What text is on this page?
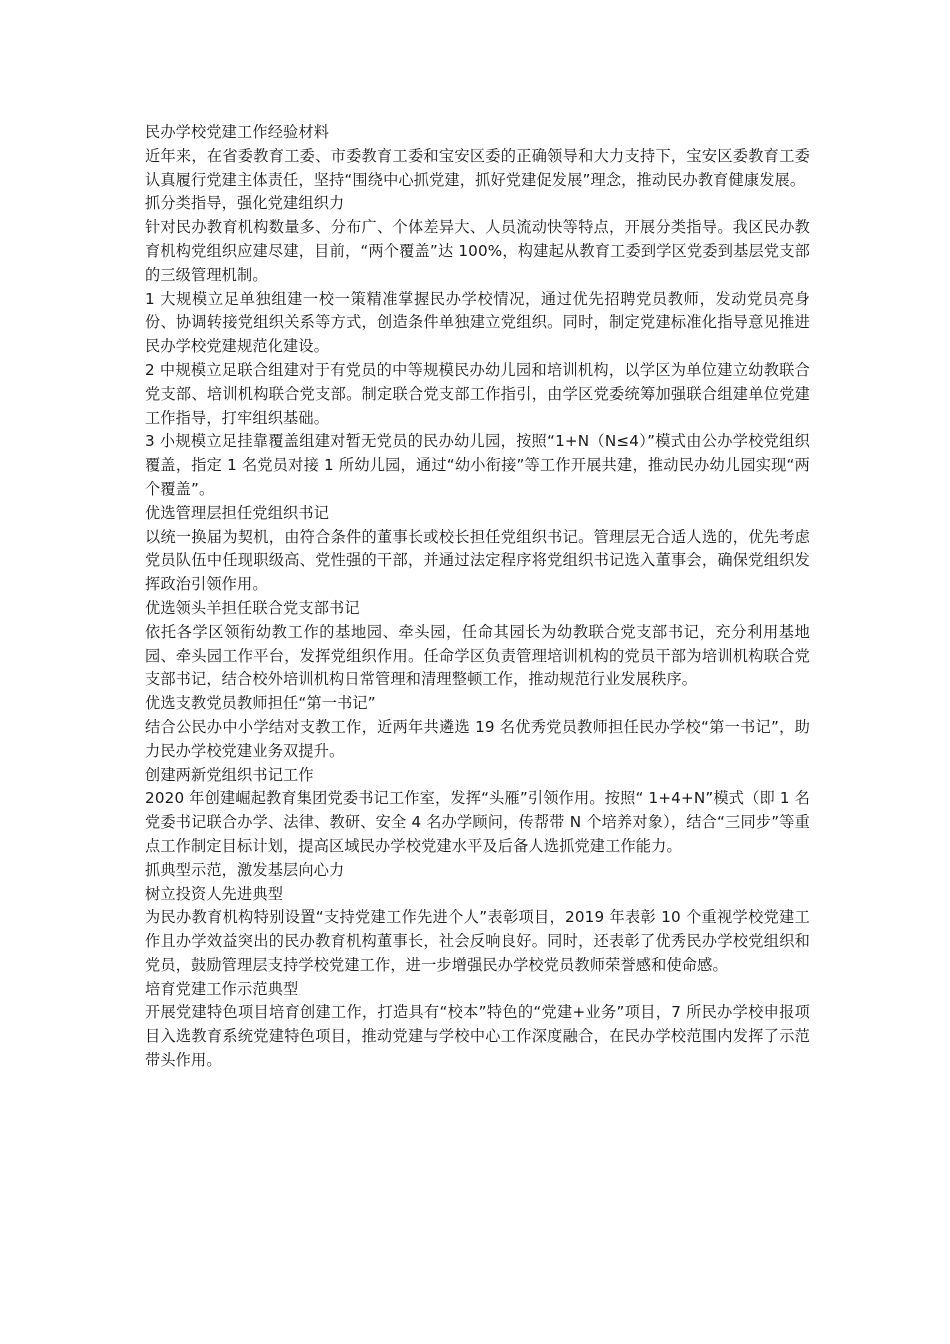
民办学校党建工作经验材料

近年来，在省委教育工委、市委教育工委和宝安区委的正确领导和大力支持下，宝安区委教育工委认真履行党建主体责任，坚持“围绕中心抓党建，抓好党建促发展”理念，推动民办教育健康发展。

抓分类指导，强化党建组织力

针对民办教育机构数量多、分布广、个体差异大、人员流动快等特点，开展分类指导。我区民办教育机构党组织应建尽建，目前，“两个覆盖”达 100%，构建起从教育工委到学区党委到基层党支部的三级管理机制。

1 大规模立足单独组建一校一策精准掌握民办学校情况，通过优先招聘党员教师，发动党员亮身份、协调转接党组织关系等方式，创造条件单独建立党组织。同时，制定党建标准化指导意见推进民办学校党建规范化建设。

2 中规模立足联合组建对于有党员的中等规模民办幼儿园和培训机构，以学区为单位建立幼教联合党支部、培训机构联合党支部。制定联合党支部工作指引，由学区党委统筹加强联合组建单位党建工作指导，打牢组织基础。

3 小规模立足挂靠覆盖组建对暂无党员的民办幼儿园，按照“1+N（N≤4）”模式由公办学校党组织覆盖，指定 1 名党员对接 1 所幼儿园，通过“幼小衔接”等工作开展共建，推动民办幼儿园实现“两个覆盖”。

优选管理层担任党组织书记

以统一换届为契机，由符合条件的董事长或校长担任党组织书记。管理层无合适人选的，优先考虑党员队伍中任现职级高、党性强的干部，并通过法定程序将党组织书记选入董事会，确保党组织发挥政治引领作用。

优选领头羊担任联合党支部书记

依托各学区领衔幼教工作的基地园、牵头园，任命其园长为幼教联合党支部书记，充分利用基地园、牵头园工作平台，发挥党组织作用。任命学区负责管理培训机构的党员干部为培训机构联合党支部书记，结合校外培训机构日常管理和清理整顿工作，推动规范行业发展秩序。

优选支教党员教师担任“第一书记”

结合公民办中小学结对支教工作，近两年共遴选 19 名优秀党员教师担任民办学校“第一书记”，助力民办学校党建业务双提升。

创建两新党组织书记工作

2020 年创建崛起教育集团党委书记工作室，发挥“头雁”引领作用。按照“ 1+4+N”模式（即 1 名党委书记联合办学、法律、教研、安全 4 名办学顾问，传帮带 N 个培养对象），结合“三同步”等重点工作制定目标计划，提高区域民办学校党建水平及后备人选抓党建工作能力。

抓典型示范，激发基层向心力

树立投资人先进典型

为民办教育机构特别设置“支持党建工作先进个人”表彰项目，2019 年表彰 10 个重视学校党建工作且办学效益突出的民办教育机构董事长，社会反响良好。同时，还表彰了优秀民办学校党组织和党员，鼓励管理层支持学校党建工作，进一步增强民办学校党员教师荣誉感和使命感。

培育党建工作示范典型

开展党建特色项目培育创建工作，打造具有“校本”特色的“党建+业务”项目，7 所民办学校申报项目入选教育系统党建特色项目，推动党建与学校中心工作深度融合，在民办学校范围内发挥了示范带头作用。
